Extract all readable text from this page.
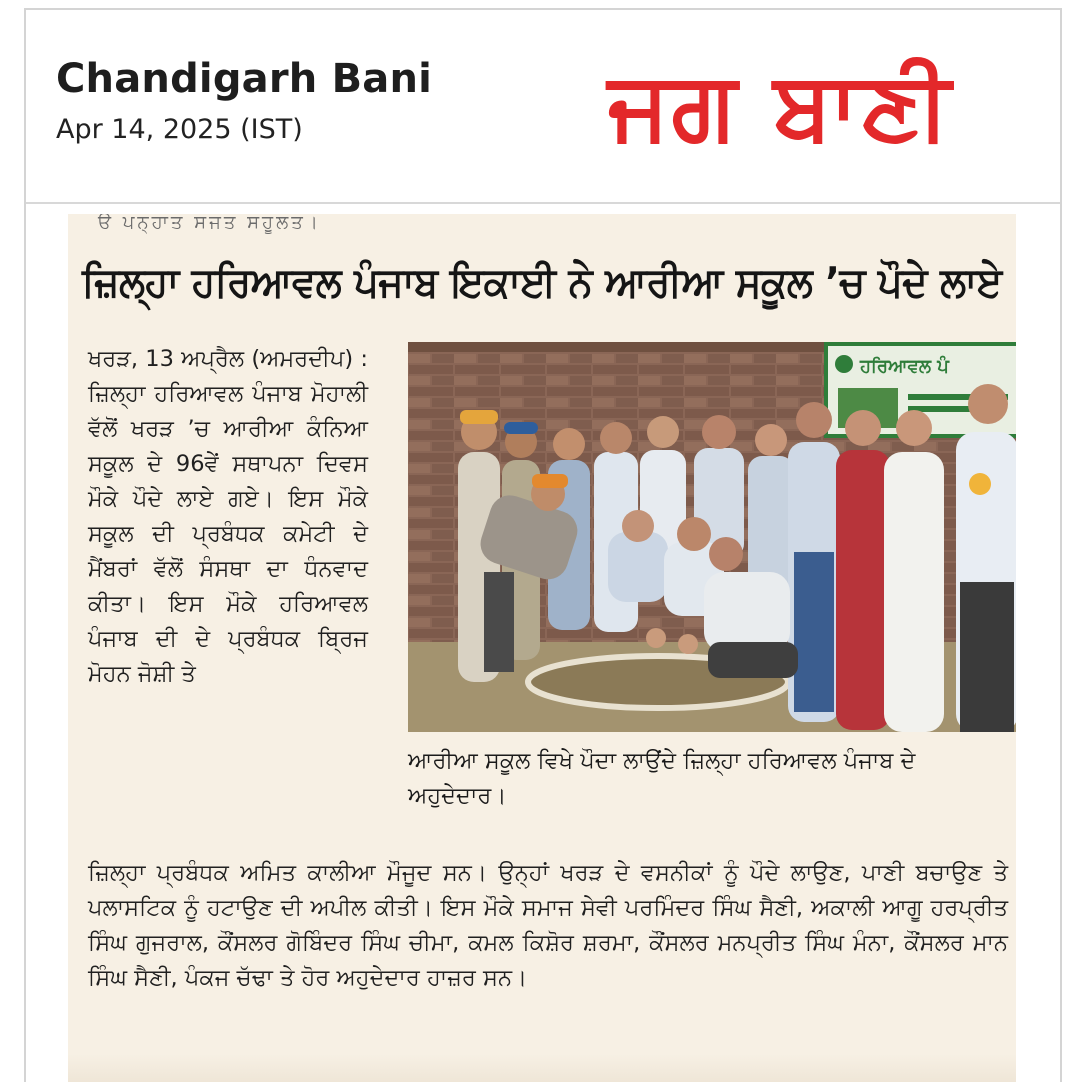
Chandigarh Bani
Apr 14, 2025 (IST)	ਜਗ ਬਾਣੀ
ੳ ਪਨ੍ਹਾਤ ਸਜਤ ਸਹੂਲਤ।
ਜ਼ਿਲ੍ਹਾ ਹਰਿਆਵਲ ਪੰਜਾਬ ਇਕਾਈ ਨੇ ਆਰੀਆ ਸਕੂਲ ’ਚ ਪੌਦੇ ਲਾਏ
ਖਰੜ, 13 ਅਪ੍ਰੈਲ (ਅਮਰਦੀਪ) : ਜ਼ਿਲ੍ਹਾ ਹਰਿਆਵਲ ਪੰਜਾਬ ਮੋਹਾਲੀ ਵੱਲੋਂ ਖਰੜ ’ਚ ਆਰੀਆ ਕੰਨਿਆ ਸਕੂਲ ਦੇ 96ਵੇਂ ਸਥਾਪਨਾ ਦਿਵਸ ਮੌਕੇ ਪੌਦੇ ਲਾਏ ਗਏ। ਇਸ ਮੌਕੇ ਸਕੂਲ ਦੀ ਪ੍ਰਬੰਧਕ ਕਮੇਟੀ ਦੇ ਮੈਂਬਰਾਂ ਵੱਲੋਂ ਸੰਸਥਾ ਦਾ ਧੰਨਵਾਦ ਕੀਤਾ। ਇਸ ਮੌਕੇ ਹਰਿਆਵਲ ਪੰਜਾਬ ਦੀ ਦੇ ਪ੍ਰਬੰਧਕ ਬ੍ਰਿਜ ਮੋਹਨ ਜੋਸ਼ੀ ਤੇ
ਹਰਿਆਵਲ ਪੰ
ਆਰੀਆ ਸਕੂਲ ਵਿਖੇ ਪੌਦਾ ਲਾਉਂਦੇ ਜ਼ਿਲ੍ਹਾ ਹਰਿਆਵਲ ਪੰਜਾਬ ਦੇ ਅਹੁਦੇਦਾਰ।
ਜ਼ਿਲ੍ਹਾ ਪ੍ਰਬੰਧਕ ਅਮਿਤ ਕਾਲੀਆ ਮੌਜੂਦ ਸਨ। ਉਨ੍ਹਾਂ ਖਰੜ ਦੇ ਵਸਨੀਕਾਂ ਨੂੰ ਪੌਦੇ ਲਾਉਣ, ਪਾਣੀ ਬਚਾਉਣ ਤੇ ਪਲਾਸਟਿਕ ਨੂੰ ਹਟਾਉਣ ਦੀ ਅਪੀਲ ਕੀਤੀ। ਇਸ ਮੌਕੇ ਸਮਾਜ ਸੇਵੀ ਪਰਮਿੰਦਰ ਸਿੰਘ ਸੈਣੀ, ਅਕਾਲੀ ਆਗੂ ਹਰਪ੍ਰੀਤ ਸਿੰਘ ਗੁਜਰਾਲ, ਕੌਂਸਲਰ ਗੋਬਿੰਦਰ ਸਿੰਘ ਚੀਮਾ, ਕਮਲ ਕਿਸ਼ੋਰ ਸ਼ਰਮਾ, ਕੌਂਸਲਰ ਮਨਪ੍ਰੀਤ ਸਿੰਘ ਮੰਨਾ, ਕੌਂਸਲਰ ਮਾਨ ਸਿੰਘ ਸੈਣੀ, ਪੰਕਜ ਚੱਢਾ ਤੇ ਹੋਰ ਅਹੁਦੇਦਾਰ ਹਾਜ਼ਰ ਸਨ।
